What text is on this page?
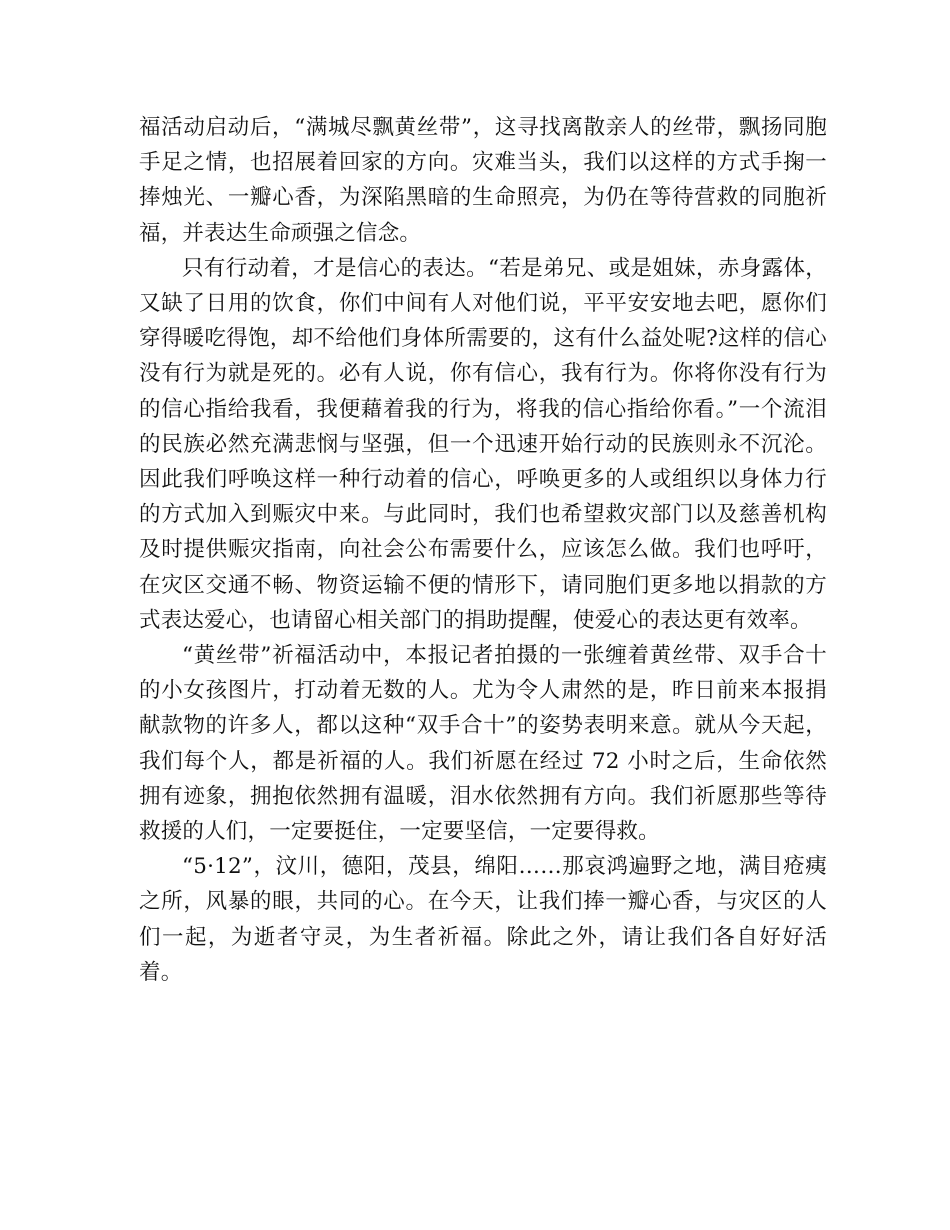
福活动启动后，“满城尽飘黄丝带”，这寻找离散亲人的丝带，飘扬同胞手足之情，也招展着回家的方向。灾难当头，我们以这样的方式手掬一捧烛光、一瓣心香，为深陷黑暗的生命照亮，为仍在等待营救的同胞祈福，并表达生命顽强之信念。

只有行动着，才是信心的表达。“若是弟兄、或是姐妹，赤身露体，又缺了日用的饮食，你们中间有人对他们说，平平安安地去吧，愿你们穿得暖吃得饱，却不给他们身体所需要的，这有什么益处呢?这样的信心没有行为就是死的。必有人说，你有信心，我有行为。你将你没有行为的信心指给我看，我便藉着我的行为，将我的信心指给你看。”一个流泪的民族必然充满悲悯与坚强，但一个迅速开始行动的民族则永不沉沦。因此我们呼唤这样一种行动着的信心，呼唤更多的人或组织以身体力行的方式加入到赈灾中来。与此同时，我们也希望救灾部门以及慈善机构及时提供赈灾指南，向社会公布需要什么，应该怎么做。我们也呼吁，在灾区交通不畅、物资运输不便的情形下，请同胞们更多地以捐款的方式表达爱心，也请留心相关部门的捐助提醒，使爱心的表达更有效率。

“黄丝带”祈福活动中，本报记者拍摄的一张缠着黄丝带、双手合十的小女孩图片，打动着无数的人。尤为令人肃然的是，昨日前来本报捐献款物的许多人，都以这种“双手合十”的姿势表明来意。就从今天起，我们每个人，都是祈福的人。我们祈愿在经过 72 小时之后，生命依然拥有迹象，拥抱依然拥有温暖，泪水依然拥有方向。我们祈愿那些等待救援的人们，一定要挺住，一定要坚信，一定要得救。

“5·12”，汶川，德阳，茂县，绵阳……那哀鸿遍野之地，满目疮痍之所，风暴的眼，共同的心。在今天，让我们捧一瓣心香，与灾区的人们一起，为逝者守灵，为生者祈福。除此之外，请让我们各自好好活着。
